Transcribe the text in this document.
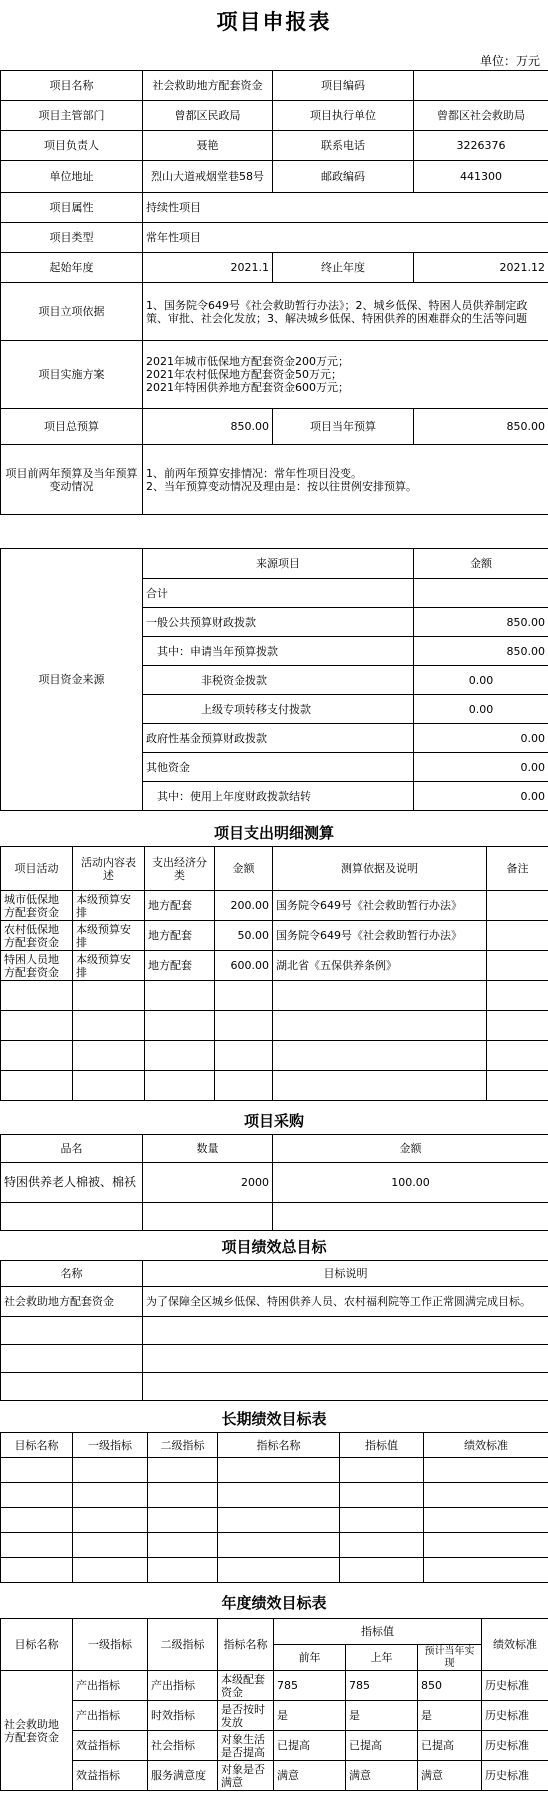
项目申报表
单位：万元
项目名称	社会救助地方配套资金	项目编码	
项目主管部门	曾都区民政局	项目执行单位	曾都区社会救助局
项目负责人	聂艳	联系电话	3226376
单位地址	烈山大道戒烟堂巷58号	邮政编码	441300
项目属性	持续性项目		
项目类型	常年性项目		
起始年度	2021.1	终止年度	2021.12
项目立项依据	1、国务院令649号《社会救助暂行办法》；2、城乡低保、特困人员供养制定政策、审批、社会化发放；3、解决城乡低保、特困供养的困难群众的生活等问题		
项目实施方案	2021年城市低保地方配套资金200万元；
2021年农村低保地方配套资金50万元；
2021年特困供养地方配套资金600万元；		

项目总预算	850.00	项目当年预算	850.00
项目前两年预算及当年预算变动情况	1、前两年预算安排情况：常年性项目没变。
2、当年预算变动情况及理由是：按以往贯例安排预算。		
项目资金来源	来源项目	金额
	合计	
	一般公共预算财政拨款	850.00
	其中：申请当年预算拨款	850.00
	非税资金拨款	0.00
	上级专项转移支付拨款	0.00
	政府性基金预算财政拨款	0.00
	其他资金	0.00
	其中：使用上年度财政拨款结转	0.00
项目支出明细测算
项目活动	活动内容表述	支出经济分类	金额	测算依据及说明	备注
城市低保地方配套资金	本级预算安排	地方配套	200.00	国务院令649号《社会救助暂行办法》	
农村低保地方配套资金	本级预算安排	地方配套	50.00	国务院令649号《社会救助暂行办法》	
特困人员地方配套资金	本级预算安排	地方配套	600.00	湖北省《五保供养条例》	

项目采购
品名	数量	金额
特困供养老人棉被、棉袄	2000	100.00

项目绩效总目标
名称	目标说明
社会救助地方配套资金	为了保障全区城乡低保、特困供养人员、农村福利院等工作正常圆满完成目标。

长期绩效目标表
目标名称	一级指标	二级指标	指标名称	指标值	绩效标准

年度绩效目标表
目标名称	一级指标	二级指标	指标名称	指标值			绩效标准
				前年	上年	预计当年实现	
社会救助地方配套资金	产出指标	产出指标	本级配套资金	785	785	850	历史标准
	产出指标	时效指标	是否按时发放	是	是	是	历史标准
	效益指标	社会指标	对象生活是否提高	已提高	已提高	已提高	历史标准
	效益指标	服务满意度	对象是否满意	满意	满意	满意	历史标准
